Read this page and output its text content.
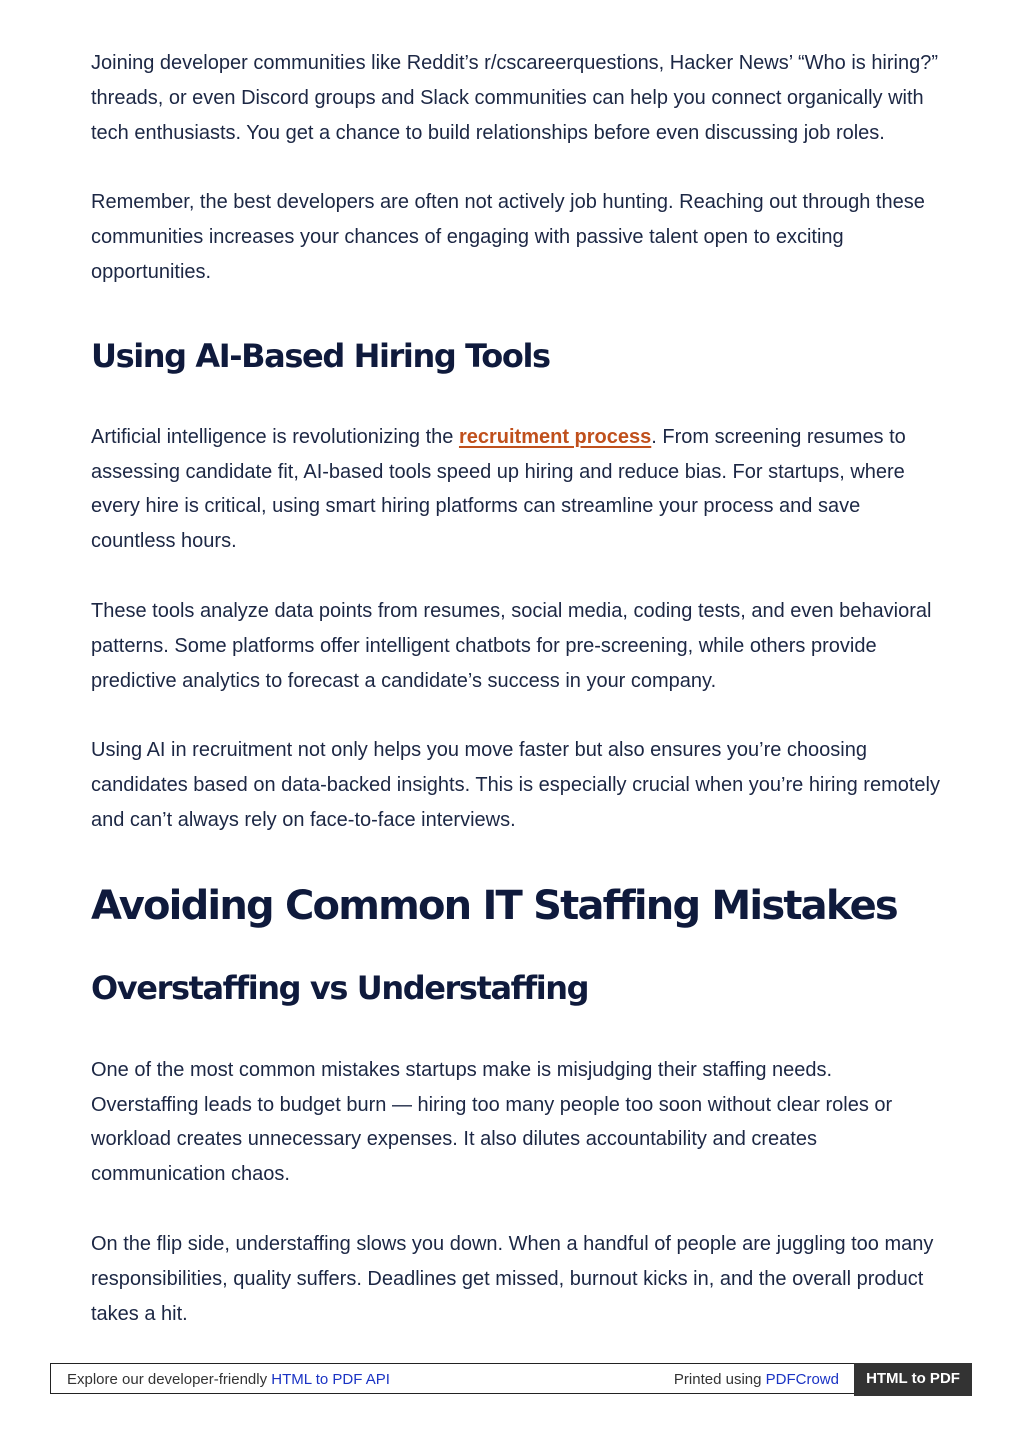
Joining developer communities like Reddit’s r/cscareerquestions, Hacker News’ “Who is hiring?” threads, or even Discord groups and Slack communities can help you connect organically with tech enthusiasts. You get a chance to build relationships before even discussing job roles.

Remember, the best developers are often not actively job hunting. Reaching out through these communities increases your chances of engaging with passive talent open to exciting opportunities.

Using AI-Based Hiring Tools

Artificial intelligence is revolutionizing the recruitment process. From screening resumes to assessing candidate fit, AI-based tools speed up hiring and reduce bias. For startups, where every hire is critical, using smart hiring platforms can streamline your process and save countless hours.

These tools analyze data points from resumes, social media, coding tests, and even behavioral patterns. Some platforms offer intelligent chatbots for pre-screening, while others provide predictive analytics to forecast a candidate’s success in your company.

Using AI in recruitment not only helps you move faster but also ensures you’re choosing candidates based on data-backed insights. This is especially crucial when you’re hiring remotely and can’t always rely on face-to-face interviews.

Avoiding Common IT Staffing Mistakes
Overstaffing vs Understaffing

One of the most common mistakes startups make is misjudging their staffing needs. Overstaffing leads to budget burn — hiring too many people too soon without clear roles or workload creates unnecessary expenses. It also dilutes accountability and creates communication chaos.

On the flip side, understaffing slows you down. When a handful of people are juggling too many responsibilities, quality suffers. Deadlines get missed, burnout kicks in, and the overall product takes a hit.

Explore our developer-friendly HTML to PDF API	Printed using PDFCrowd	HTML to PDF
